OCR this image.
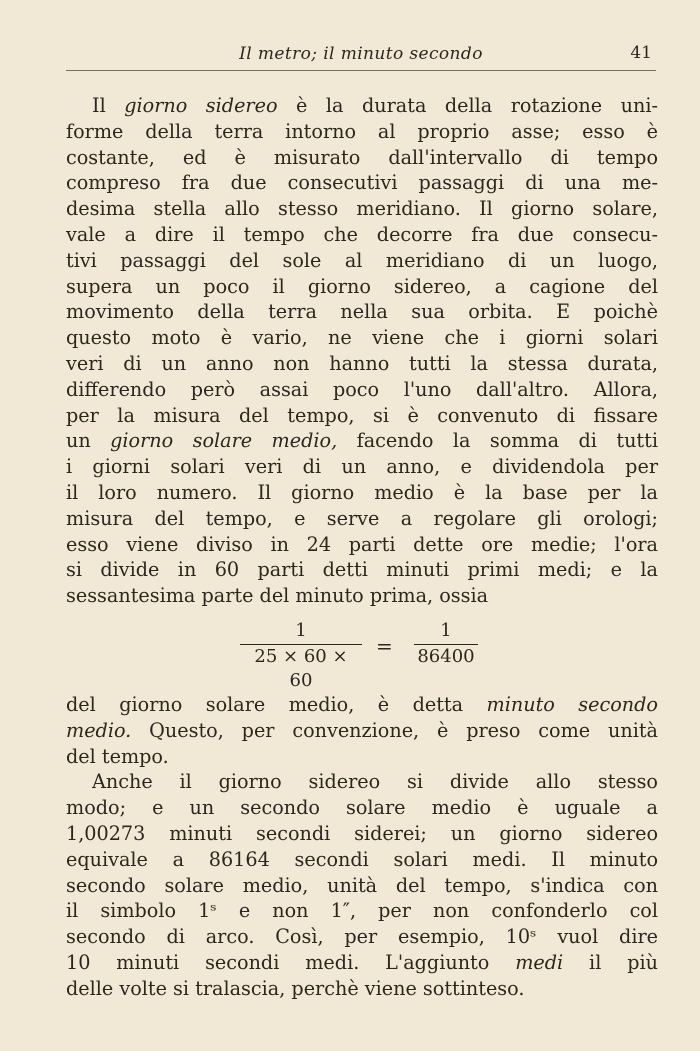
Il metro; il minuto secondo	41
Il giorno sidereo è la durata della rotazione uni-
forme della terra intorno al proprio asse; esso è
costante, ed è misurato dall'intervallo di tempo
compreso fra due consecutivi passaggi di una me-
desima stella allo stesso meridiano. Il giorno solare,
vale a dire il tempo che decorre fra due consecu-
tivi passaggi del sole al meridiano di un luogo,
supera un poco il giorno sidereo, a cagione del
movimento della terra nella sua orbita. E poichè
questo moto è vario, ne viene che i giorni solari
veri di un anno non hanno tutti la stessa durata,
differendo però assai poco l'uno dall'altro. Allora,
per la misura del tempo, si è convenuto di fissare
un giorno solare medio, facendo la somma di tutti
i giorni solari veri di un anno, e dividendola per
il loro numero. Il giorno medio è la base per la
misura del tempo, e serve a regolare gli orologi;
esso viene diviso in 24 parti dette ore medie; l'ora
si divide in 60 parti detti minuti primi medi; e la
sessantesima parte del minuto prima, ossia
$\frac{1}{25 \times 60 \times 60} = \frac{1}{86400}$
del giorno solare medio, è detta minuto secondo
medio. Questo, per convenzione, è preso come unità
del tempo.
Anche il giorno sidereo si divide allo stesso
modo; e un secondo solare medio è uguale a
1,00273 minuti secondi siderei; un giorno sidereo
equivale a 86164 secondi solari medi. Il minuto
secondo solare medio, unità del tempo, s'indica con
il simbolo 1ˢ e non 1″, per non confonderlo col
secondo di arco. Così, per esempio, 10ˢ vuol dire
10 minuti secondi medi. L'aggiunto medi il più
delle volte si tralascia, perchè viene sottinteso.
